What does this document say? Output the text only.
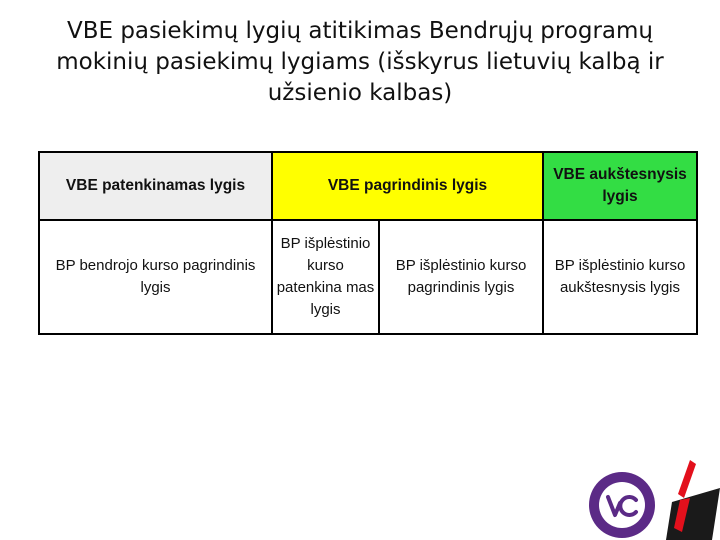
VBE pasiekimų lygių atitikimas Bendrųjų programų mokinių pasiekimų lygiams (išskyrus lietuvių kalbą ir užsienio kalbas)
VBE patenkinamas lygis	VBE pagrindinis lygis		VBE aukštesnysis lygis
BP bendrojo kurso pagrindinis lygis	BP išplėstinio kurso patenkina mas lygis	BP išplėstinio kurso pagrindinis lygis	BP išplėstinio kurso aukštesnysis lygis
